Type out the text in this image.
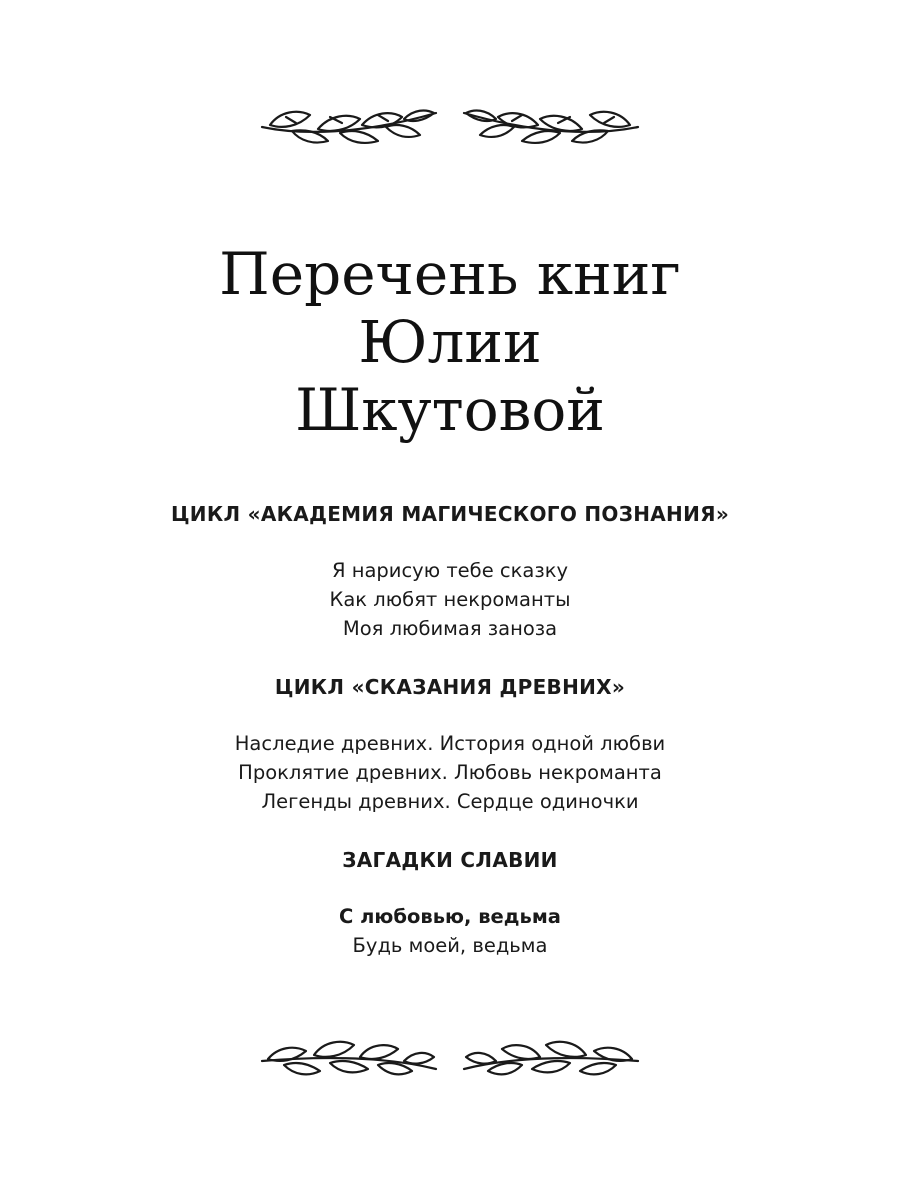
Перечень книг
Юлии
Шкутовой
ЦИКЛ «АКАДЕМИЯ МАГИЧЕСКОГО ПОЗНАНИЯ»
Я нарисую тебе сказку
Как любят некроманты
Моя любимая заноза
ЦИКЛ «СКАЗАНИЯ ДРЕВНИХ»
Наследие древних. История одной любви
Проклятие древних. Любовь некроманта
Легенды древних. Сердце одиночки
ЗАГАДКИ СЛАВИИ
С любовью, ведьма
Будь моей, ведьма
